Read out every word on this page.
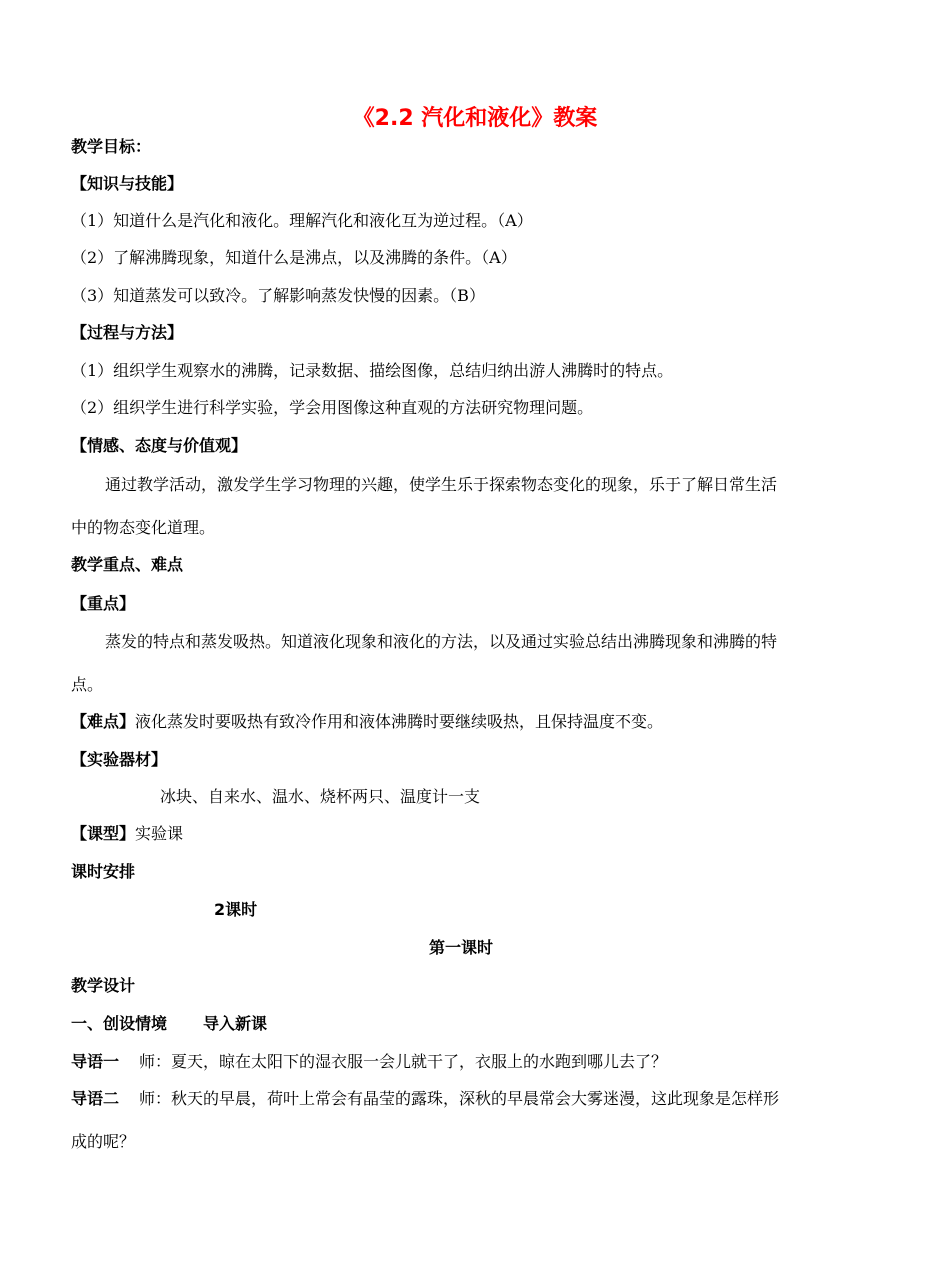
《2.2 汽化和液化》教案
教学目标：
【知识与技能】
（1）知道什么是汽化和液化。理解汽化和液化互为逆过程。（A）
（2）了解沸腾现象，知道什么是沸点，以及沸腾的条件。（A）
（3）知道蒸发可以致冷。了解影响蒸发快慢的因素。（B）
【过程与方法】
（1）组织学生观察水的沸腾，记录数据、描绘图像，总结归纳出游人沸腾时的特点。
（2）组织学生进行科学实验，学会用图像这种直观的方法研究物理问题。
【情感、态度与价值观】
通过教学活动，激发学生学习物理的兴趣，使学生乐于探索物态变化的现象，乐于了解日常生活
中的物态变化道理。
教学重点、难点
【重点】
蒸发的特点和蒸发吸热。知道液化现象和液化的方法，以及通过实验总结出沸腾现象和沸腾的特
点。
【难点】液化蒸发时要吸热有致冷作用和液体沸腾时要继续吸热，且保持温度不变。
【实验器材】
冰块、自来水、温水、烧杯两只、温度计一支
【课型】实验课
课时安排
2课时
第一课时
教学设计
一、创设情境 导入新课
导语一 师：夏天，晾在太阳下的湿衣服一会儿就干了，衣服上的水跑到哪儿去了？
导语二 师：秋天的早晨，荷叶上常会有晶莹的露珠，深秋的早晨常会大雾迷漫，这此现象是怎样形
成的呢？
